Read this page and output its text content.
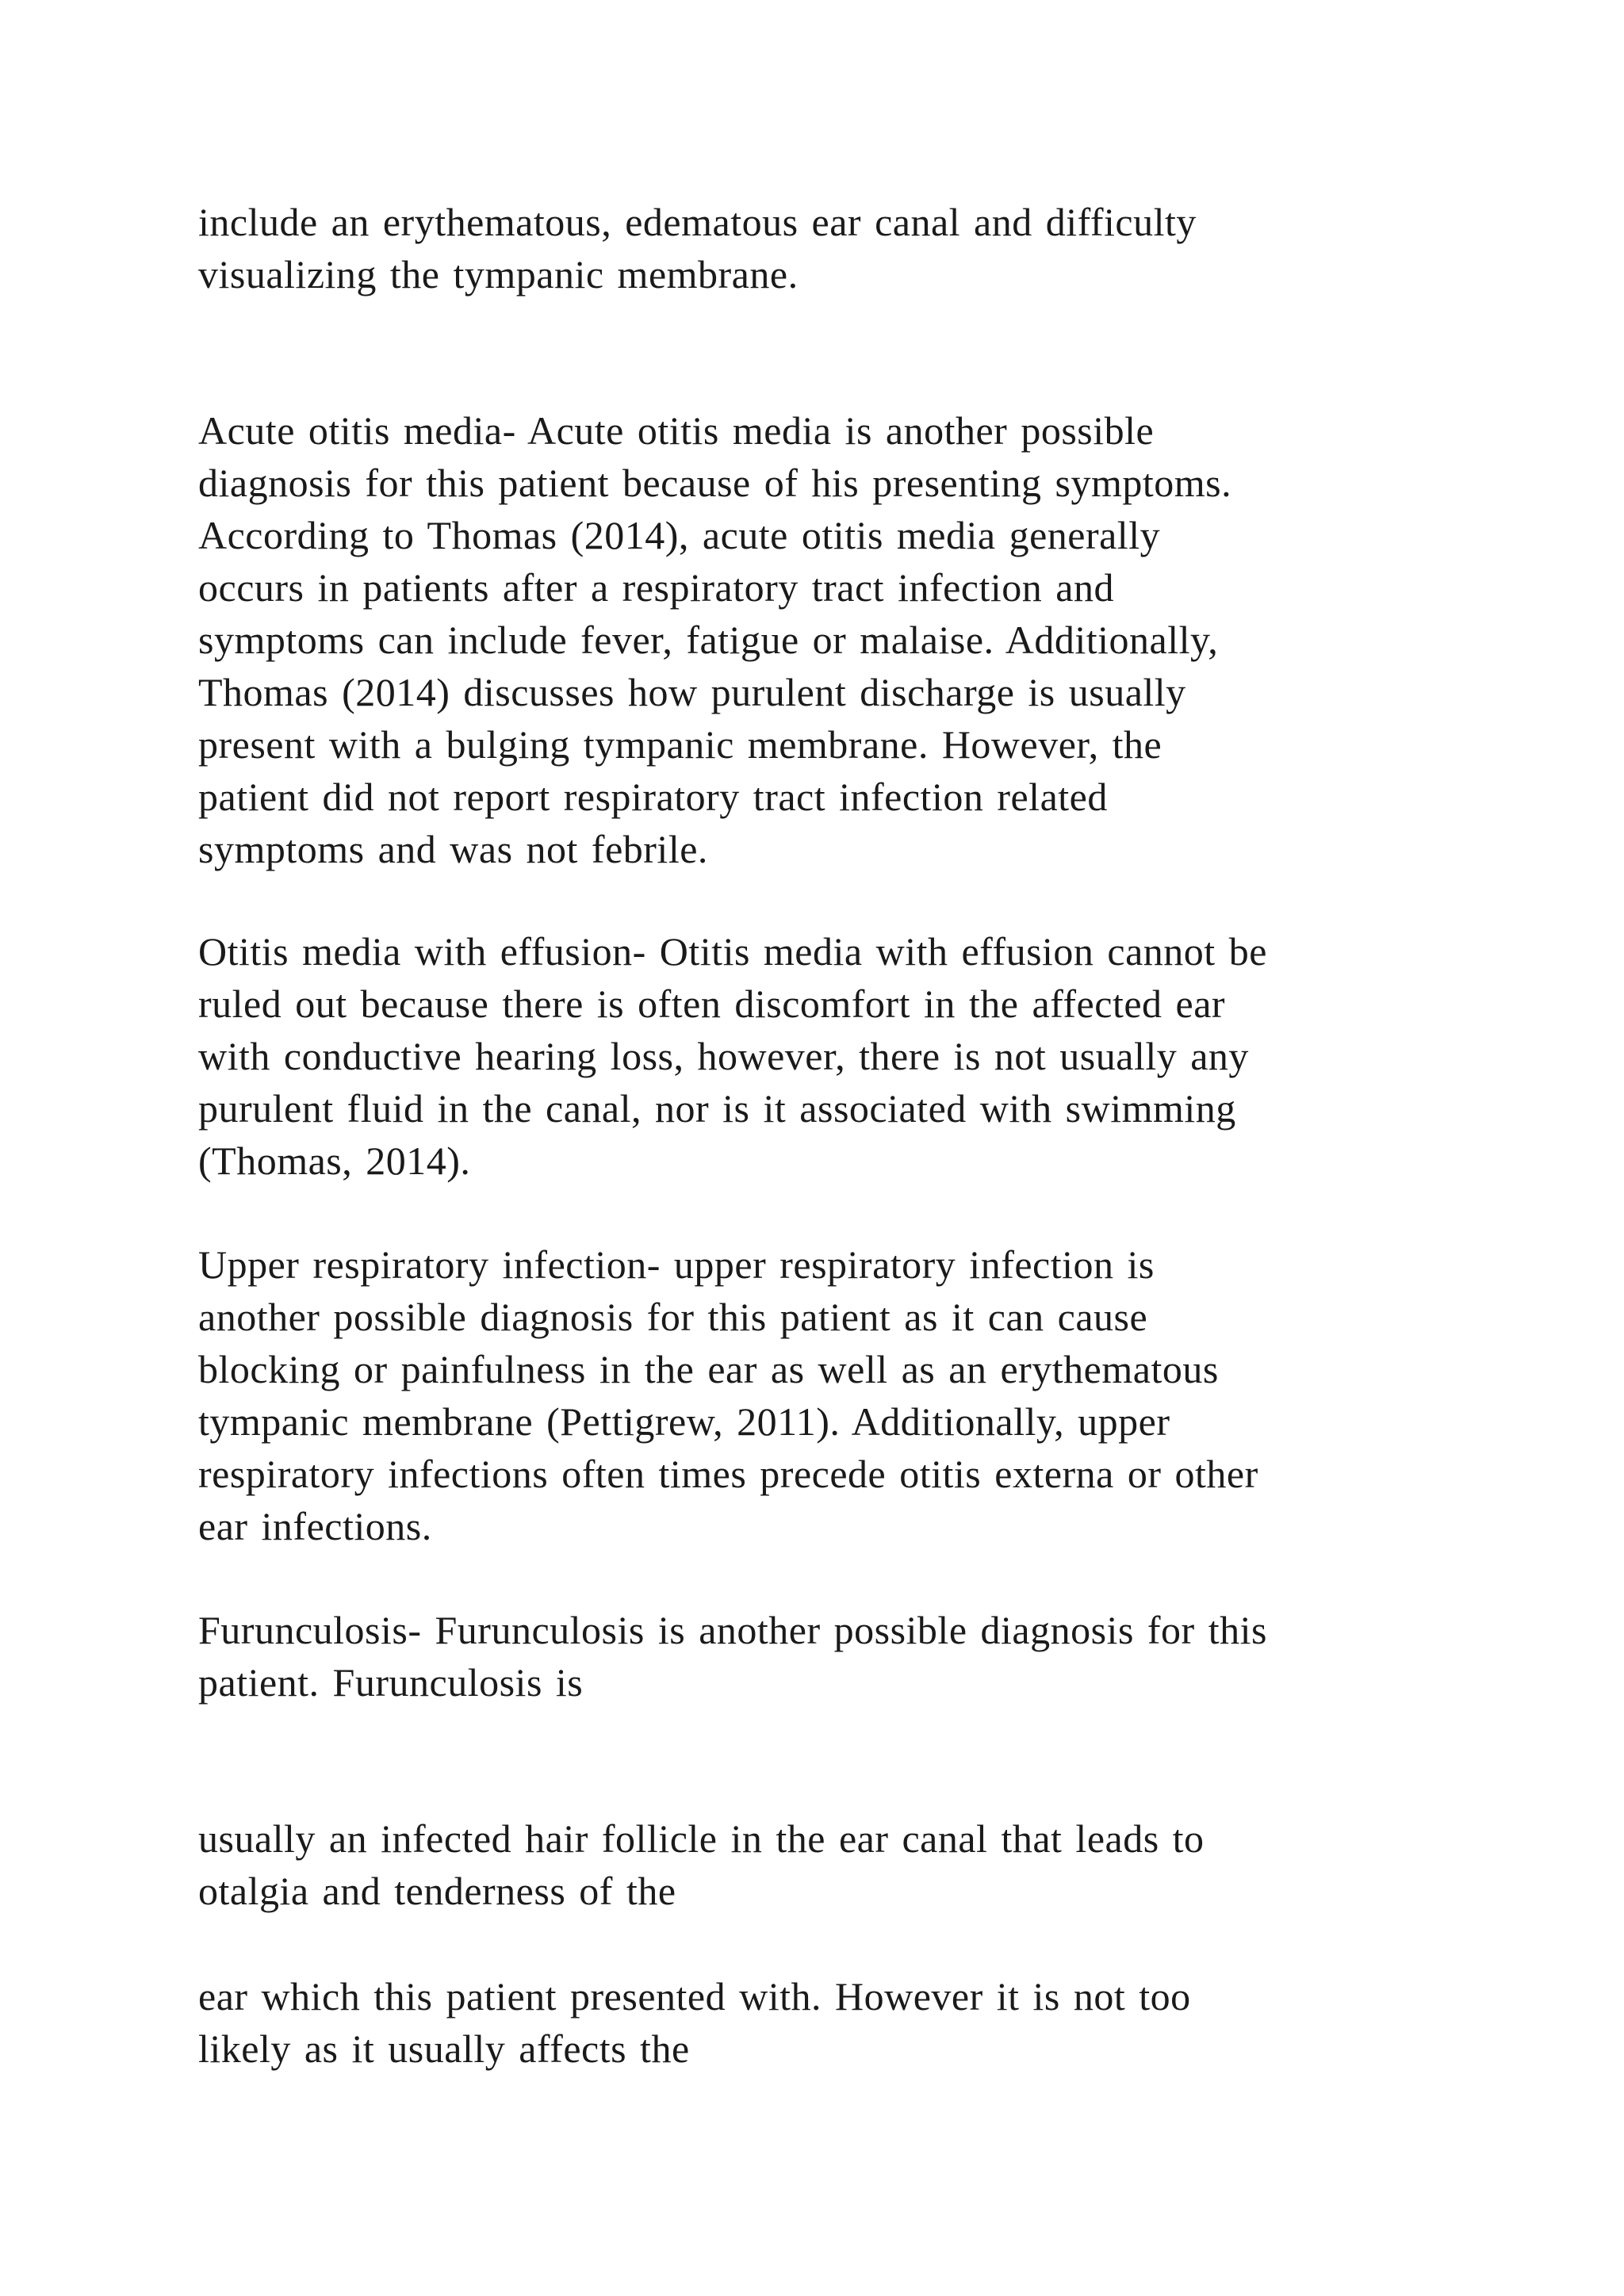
include an erythematous, edematous ear canal and difficulty
visualizing the tympanic membrane.

Acute otitis media- Acute otitis media is another possible
diagnosis for this patient because of his presenting symptoms.
According to Thomas (2014), acute otitis media generally
occurs in patients after a respiratory tract infection and
symptoms can include fever, fatigue or malaise. Additionally,
Thomas (2014) discusses how purulent discharge is usually
present with a bulging tympanic membrane. However, the
patient did not report respiratory tract infection related
symptoms and was not febrile.

Otitis media with effusion- Otitis media with effusion cannot be
ruled out because there is often discomfort in the affected ear
with conductive hearing loss, however, there is not usually any
purulent fluid in the canal, nor is it associated with swimming
(Thomas, 2014).

Upper respiratory infection- upper respiratory infection is
another possible diagnosis for this patient as it can cause
blocking or painfulness in the ear as well as an erythematous
tympanic membrane (Pettigrew, 2011). Additionally, upper
respiratory infections often times precede otitis externa or other
ear infections.

Furunculosis- Furunculosis is another possible diagnosis for this
patient. Furunculosis is

usually an infected hair follicle in the ear canal that leads to
otalgia and tenderness of the

ear which this patient presented with. However it is not too
likely as it usually affects the
